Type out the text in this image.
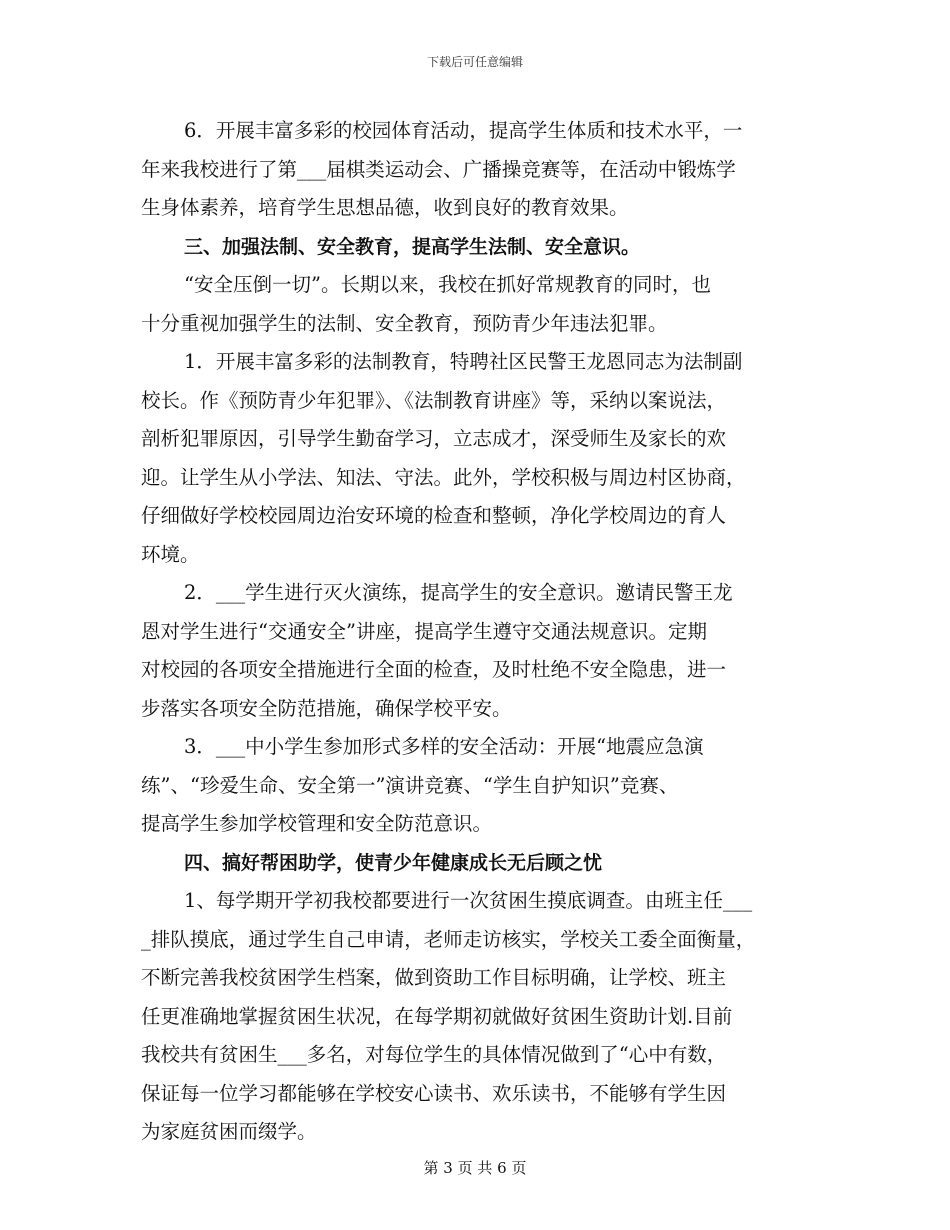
下载后可任意编辑
6．开展丰富多彩的校园体育活动，提高学生体质和技术水平，一
年来我校进行了第___届棋类运动会、广播操竞赛等，在活动中锻炼学
生身体素养，培育学生思想品德，收到良好的教育效果。
三、加强法制、安全教育，提高学生法制、安全意识。
“安全压倒一切”。长期以来，我校在抓好常规教育的同时，也
十分重视加强学生的法制、安全教育，预防青少年违法犯罪。
1．开展丰富多彩的法制教育，特聘社区民警王龙恩同志为法制副
校长。作《预防青少年犯罪》、《法制教育讲座》等，采纳以案说法，
剖析犯罪原因，引导学生勤奋学习，立志成才，深受师生及家长的欢
迎。让学生从小学法、知法、守法。此外，学校积极与周边村区协商，
仔细做好学校校园周边治安环境的检查和整顿，净化学校周边的育人
环境。
2．___学生进行灭火演练，提高学生的安全意识。邀请民警王龙
恩对学生进行“交通安全”讲座，提高学生遵守交通法规意识。定期
对校园的各项安全措施进行全面的检查，及时杜绝不安全隐患，进一
步落实各项安全防范措施，确保学校平安。
3．___中小学生参加形式多样的安全活动：开展“地震应急演
练”、“珍爱生命、安全第一”演讲竞赛、“学生自护知识”竞赛、
提高学生参加学校管理和安全防范意识。
四、搞好帮困助学，使青少年健康成长无后顾之忧
1、每学期开学初我校都要进行一次贫困生摸底调查。由班主任___
_排队摸底，通过学生自己申请，老师走访核实，学校关工委全面衡量，
不断完善我校贫困学生档案，做到资助工作目标明确，让学校、班主
任更准确地掌握贫困生状况，在每学期初就做好贫困生资助计划.目前
我校共有贫困生___多名，对每位学生的具体情况做到了“心中有数，
保证每一位学习都能够在学校安心读书、欢乐读书，不能够有学生因
为家庭贫困而缀学。
第 3 页 共 6 页
